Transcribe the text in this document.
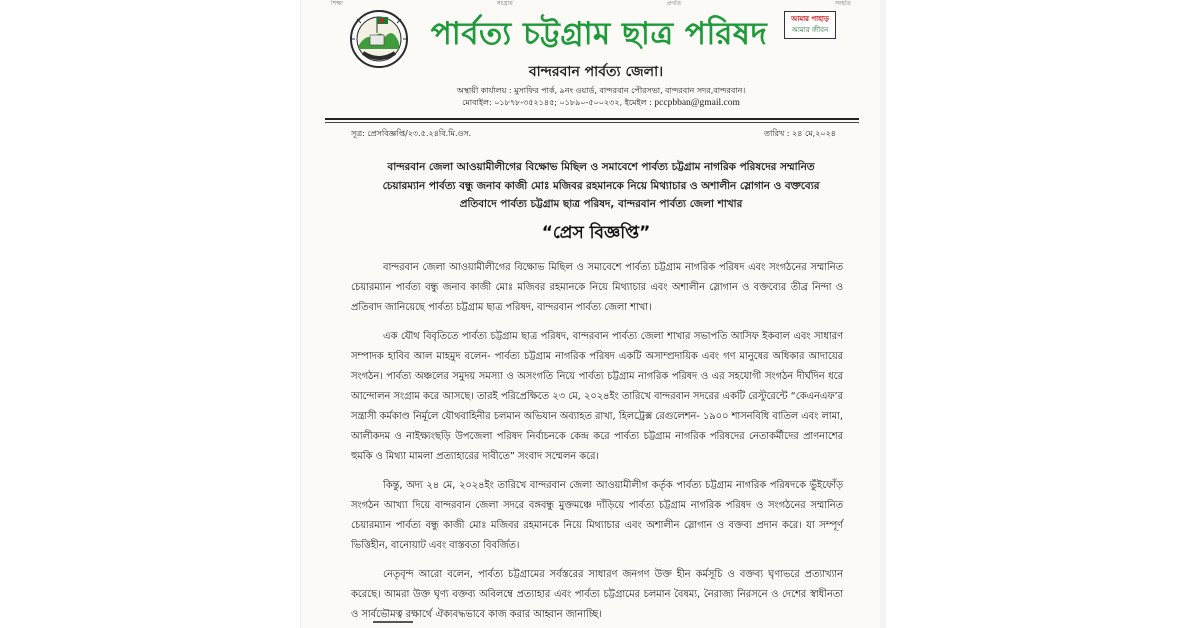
শিক্ষা	সংগ্রাম	প্রগতি	সংহতি
পার্বত্য চট্টগ্রাম ছাত্র পরিষদ	আমার পাহাড়
আমার জীবন
বান্দরবান পার্বত্য জেলা।
অস্থায়ী কার্যালয় : মুসাফির পার্ক, ৯নং ওয়ার্ড, বান্দরবান পৌরসভা, বান্দরবান সদর,বান্দরবান।
মোবাইল: ০১৮৭৮-৩৫২১৪৫; ০১৮৯০-৫০০২৩২, ইমেইল : pccpbban@gmail.com
সূত্র: প্রেসবিজ্ঞপ্তি/২৩.৫.২৪বি.মি.ওস.	তারিখ : ২৪ মে,২০২৪
বান্দরবান জেলা আওয়ামীলীগের বিক্ষোভ মিছিল ও সমাবেশে পার্বত্য চট্টগ্রাম নাগরিক পরিষদের সম্মানিত চেয়ারম্যান পার্বত্য বন্ধু জনাব কাজী মোঃ মজিবর রহমানকে নিয়ে মিথ্যাচার ও অশালীন স্লোগান ও বক্তব্যের প্রতিবাদে পার্বত্য চট্টগ্রাম ছাত্র পরিষদ, বান্দরবান পার্বত্য জেলা শাখার
“প্রেস বিজ্ঞপ্তি”

বান্দরবান জেলা আওয়ামীলীগের বিক্ষোভ মিছিল ও সমাবেশে পার্বত্য চট্টগ্রাম নাগরিক পরিষদ এবং সংগঠনের সম্মানিত চেয়ারম্যান পার্বত্য বন্ধু জনাব কাজী মোঃ মজিবর রহমানকে নিয়ে মিথ্যাচার এবং অশালীন স্লোগান ও বক্তব্যের তীব্র নিন্দা ও প্রতিবাদ জানিয়েছে পার্বত্য চট্টগ্রাম ছাত্র পরিষদ, বান্দরবান পার্বত্য জেলা শাখা।

এক যৌথ বিবৃতিতে পার্বত্য চট্টগ্রাম ছাত্র পরিষদ, বান্দরবান পার্বত্য জেলা শাখার সভাপতি আসিফ ইকবাল এবং সাধারণ সম্পাদক হাবিব আল মাহমুদ বলেন- পার্বত্য চট্টগ্রাম নাগরিক পরিষদ একটি অসাম্প্রদায়িক এবং গণ মানুষের অধিকার আদায়ের সংগঠন। পার্বত্য অঞ্চলের সমুদয় সমস্যা ও অসংগতি নিয়ে পার্বত্য চট্টগ্রাম নাগরিক পরিষদ ও এর সহযোগী সংগঠন দীর্ঘদিন ধরে আন্দোলন সংগ্রাম করে আসছে। তারই পরিপ্রেক্ষিতে ২৩ মে, ২০২৪ইং তারিখে বান্দরবান সদরের একটি রেস্টুরেন্টে “কেএনএফ’র সন্ত্রাসী কর্মকাণ্ড নির্মূলে যৌথবাহিনীর চলমান অভিযান অব্যাহত রাখা, হিলট্রেক্স রেগুলেশন- ১৯০০ শাসনবিধি বাতিল এবং লামা, আলীকদম ও নাইক্ষ্যংছড়ি উপজেলা পরিষদ নির্বাচনকে কেন্দ্র করে পার্বত্য চট্টগ্রাম নাগরিক পরিষদের নেতাকর্মীদের প্রাণনাশের হুমকি ও মিথ্যা মামলা প্রত্যাহারের দাবীতে” সংবাদ সম্মেলন করে।

কিন্তু, অদ্য ২৪ মে, ২০২৪ইং তারিখে বান্দরবান জেলা আওয়ামীলীগ কর্তৃক পার্বত্য চট্টগ্রাম নাগরিক পরিষদকে ভুঁইফোঁড় সংগঠন আখ্যা দিয়ে বান্দরবান জেলা সদরে বঙ্গবন্ধু মুক্তমঞ্চে দাঁড়িয়ে পার্বত্য চট্টগ্রাম নাগরিক পরিষদ ও সংগঠনের সম্মানিত চেয়ারম্যান পার্বত্য বন্ধু কাজী মোঃ মজিবর রহমানকে নিয়ে মিথ্যাচার এবং অশালীন স্লোগান ও বক্তব্য প্রদান করে। যা সম্পূর্ণ ভিত্তিহীন, বানোয়াট এবং বাস্তবতা বিবর্জিত।

নেতৃবৃন্দ আরো বলেন, পার্বত্য চট্টগ্রামের সর্বস্তরের সাধারণ জনগণ উক্ত হীন কর্মসূচি ও বক্তব্য ঘৃণাভরে প্রত্যাখ্যান করেছে। আমরা উক্ত ঘৃণ্য বক্তব্য অবিলম্বে প্রত্যাহার এবং পার্বত্য চট্টগ্রামের চলমান বৈষম্য, নৈরাজ্য নিরসনে ও দেশের স্বাধীনতা ও সার্বভৌমত্ব রক্ষার্থে ঐক্যবদ্ধভাবে কাজ করার আহ্বান জানাচ্ছি।
